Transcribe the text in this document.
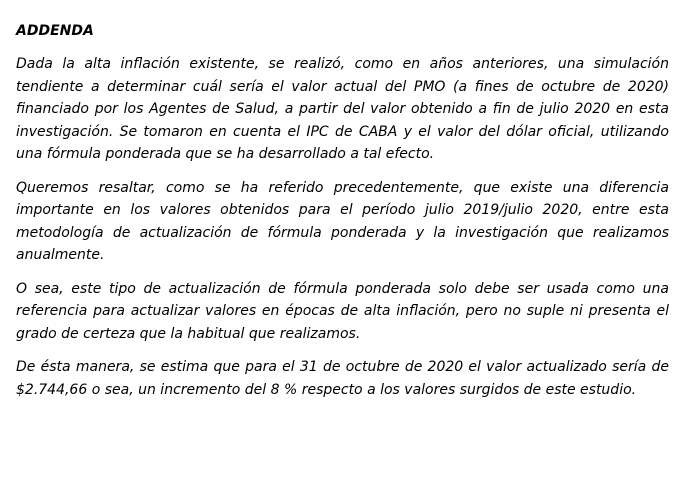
ADDENDA

Dada la alta inflación existente, se realizó, como en años anteriores, una simulación tendiente a determinar cuál sería el valor actual del PMO (a fines de octubre de 2020) financiado por los Agentes de Salud, a partir del valor obtenido a fin de julio 2020 en esta investigación. Se tomaron en cuenta el IPC de CABA y el valor del dólar oficial, utilizando una fórmula ponderada que se ha desarrollado a tal efecto.

Queremos resaltar, como se ha referido precedentemente, que existe una diferencia importante en los valores obtenidos para el período julio 2019/julio 2020, entre esta metodología de actualización de fórmula ponderada y la investigación que realizamos anualmente.

O sea, este tipo de actualización de fórmula ponderada solo debe ser usada como una referencia para actualizar valores en épocas de alta inflación, pero no suple ni presenta el grado de certeza que la habitual que realizamos.

De ésta manera, se estima que para el 31 de octubre de 2020 el valor actualizado sería de $2.744,66 o sea, un incremento del 8 % respecto a los valores surgidos de este estudio.
